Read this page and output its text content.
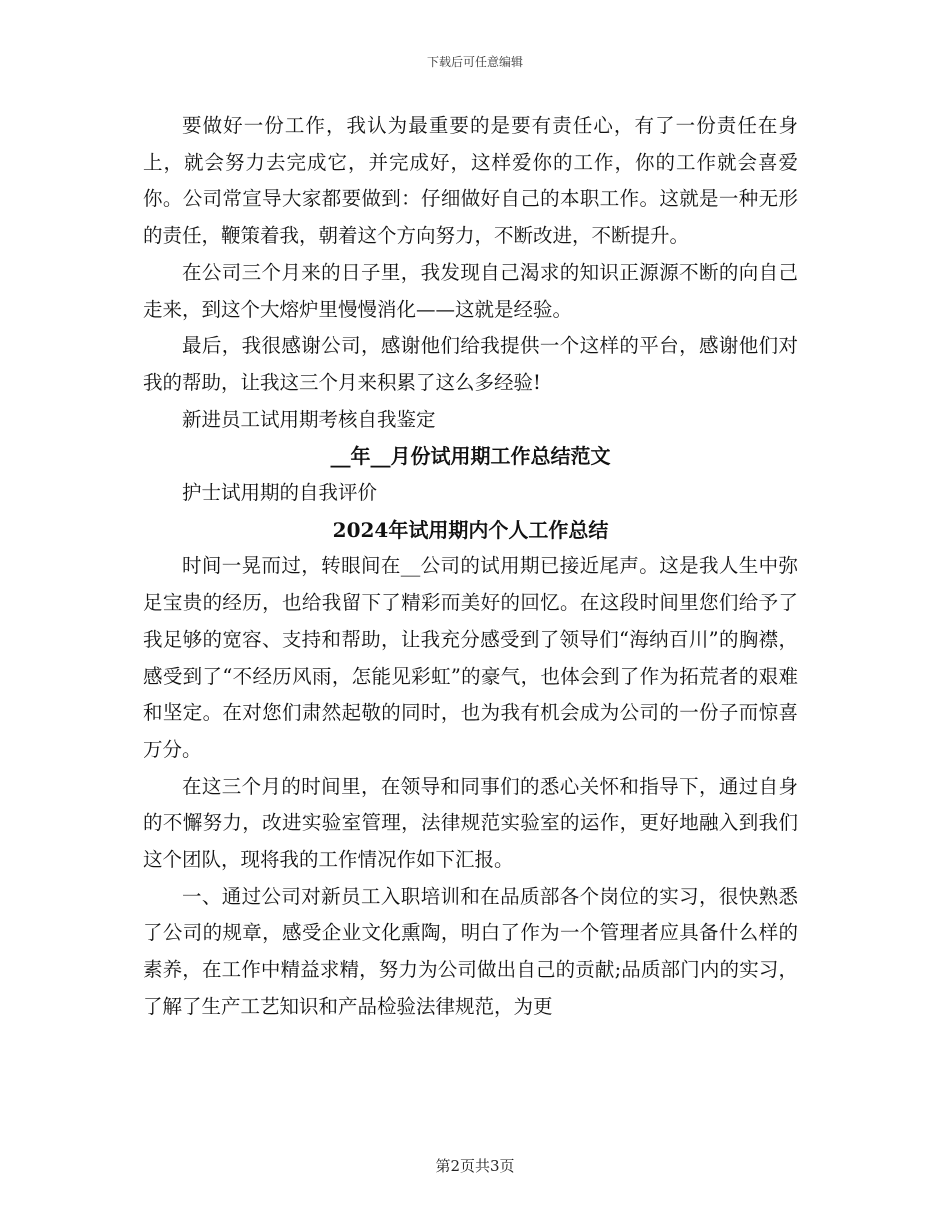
下载后可任意编辑

要做好一份工作，我认为最重要的是要有责任心，有了一份责任在身上，就会努力去完成它，并完成好，这样爱你的工作，你的工作就会喜爱你。公司常宣导大家都要做到：仔细做好自己的本职工作。这就是一种无形的责任，鞭策着我，朝着这个方向努力，不断改进，不断提升。

在公司三个月来的日子里，我发现自己渴求的知识正源源不断的向自己走来，到这个大熔炉里慢慢消化——这就是经验。

最后，我很感谢公司，感谢他们给我提供一个这样的平台，感谢他们对我的帮助，让我这三个月来积累了这么多经验!

新进员工试用期考核自我鉴定

__年__月份试用期工作总结范文

护士试用期的自我评价

2024年试用期内个人工作总结

时间一晃而过，转眼间在__公司的试用期已接近尾声。这是我人生中弥足宝贵的经历，也给我留下了精彩而美好的回忆。在这段时间里您们给予了我足够的宽容、支持和帮助，让我充分感受到了领导们“海纳百川”的胸襟，感受到了“不经历风雨，怎能见彩虹”的豪气，也体会到了作为拓荒者的艰难和坚定。在对您们肃然起敬的同时，也为我有机会成为公司的一份子而惊喜万分。

在这三个月的时间里，在领导和同事们的悉心关怀和指导下，通过自身的不懈努力，改进实验室管理，法律规范实验室的运作，更好地融入到我们这个团队，现将我的工作情况作如下汇报。

一、通过公司对新员工入职培训和在品质部各个岗位的实习，很快熟悉了公司的规章，感受企业文化熏陶，明白了作为一个管理者应具备什么样的素养，在工作中精益求精，努力为公司做出自己的贡献;品质部门内的实习，了解了生产工艺知识和产品检验法律规范，为更

第2页共3页
